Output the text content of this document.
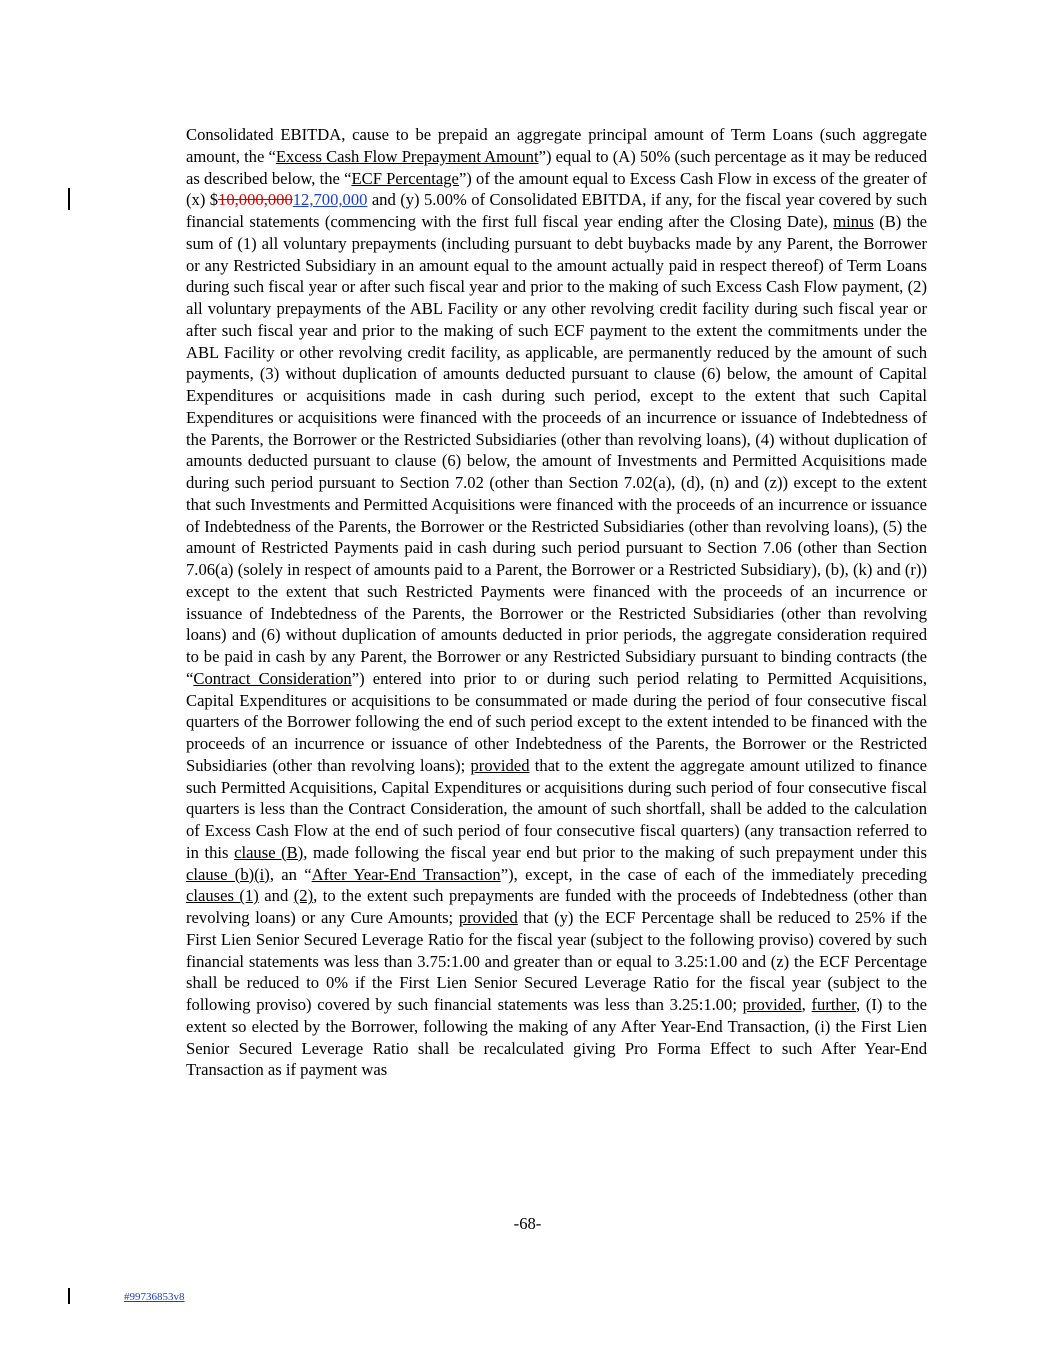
Consolidated EBITDA, cause to be prepaid an aggregate principal amount of Term Loans (such aggregate amount, the “Excess Cash Flow Prepayment Amount”) equal to (A) 50% (such percentage as it may be reduced as described below, the “ECF Percentage”) of the amount equal to Excess Cash Flow in excess of the greater of (x) $10,000,00012,700,000 and (y) 5.00% of Consolidated EBITDA, if any, for the fiscal year covered by such financial statements (commencing with the first full fiscal year ending after the Closing Date), minus (B) the sum of (1) all voluntary prepayments (including pursuant to debt buybacks made by any Parent, the Borrower or any Restricted Subsidiary in an amount equal to the amount actually paid in respect thereof) of Term Loans during such fiscal year or after such fiscal year and prior to the making of such Excess Cash Flow payment, (2) all voluntary prepayments of the ABL Facility or any other revolving credit facility during such fiscal year or after such fiscal year and prior to the making of such ECF payment to the extent the commitments under the ABL Facility or other revolving credit facility, as applicable, are permanently reduced by the amount of such payments, (3) without duplication of amounts deducted pursuant to clause (6) below, the amount of Capital Expenditures or acquisitions made in cash during such period, except to the extent that such Capital Expenditures or acquisitions were financed with the proceeds of an incurrence or issuance of Indebtedness of the Parents, the Borrower or the Restricted Subsidiaries (other than revolving loans), (4) without duplication of amounts deducted pursuant to clause (6) below, the amount of Investments and Permitted Acquisitions made during such period pursuant to Section 7.02 (other than Section 7.02(a), (d), (n) and (z)) except to the extent that such Investments and Permitted Acquisitions were financed with the proceeds of an incurrence or issuance of Indebtedness of the Parents, the Borrower or the Restricted Subsidiaries (other than revolving loans), (5) the amount of Restricted Payments paid in cash during such period pursuant to Section 7.06 (other than Section 7.06(a) (solely in respect of amounts paid to a Parent, the Borrower or a Restricted Subsidiary), (b), (k) and (r)) except to the extent that such Restricted Payments were financed with the proceeds of an incurrence or issuance of Indebtedness of the Parents, the Borrower or the Restricted Subsidiaries (other than revolving loans) and (6) without duplication of amounts deducted in prior periods, the aggregate consideration required to be paid in cash by any Parent, the Borrower or any Restricted Subsidiary pursuant to binding contracts (the “Contract Consideration”) entered into prior to or during such period relating to Permitted Acquisitions, Capital Expenditures or acquisitions to be consummated or made during the period of four consecutive fiscal quarters of the Borrower following the end of such period except to the extent intended to be financed with the proceeds of an incurrence or issuance of other Indebtedness of the Parents, the Borrower or the Restricted Subsidiaries (other than revolving loans); provided that to the extent the aggregate amount utilized to finance such Permitted Acquisitions, Capital Expenditures or acquisitions during such period of four consecutive fiscal quarters is less than the Contract Consideration, the amount of such shortfall, shall be added to the calculation of Excess Cash Flow at the end of such period of four consecutive fiscal quarters) (any transaction referred to in this clause (B), made following the fiscal year end but prior to the making of such prepayment under this clause (b)(i), an “After Year-End Transaction”), except, in the case of each of the immediately preceding clauses (1) and (2), to the extent such prepayments are funded with the proceeds of Indebtedness (other than revolving loans) or any Cure Amounts; provided that (y) the ECF Percentage shall be reduced to 25% if the First Lien Senior Secured Leverage Ratio for the fiscal year (subject to the following proviso) covered by such financial statements was less than 3.75:1.00 and greater than or equal to 3.25:1.00 and (z) the ECF Percentage shall be reduced to 0% if the First Lien Senior Secured Leverage Ratio for the fiscal year (subject to the following proviso) covered by such financial statements was less than 3.25:1.00; provided, further, (I) to the extent so elected by the Borrower, following the making of any After Year-End Transaction, (i) the First Lien Senior Secured Leverage Ratio shall be recalculated giving Pro Forma Effect to such After Year-End Transaction as if payment was

-68-
#99736853v8
